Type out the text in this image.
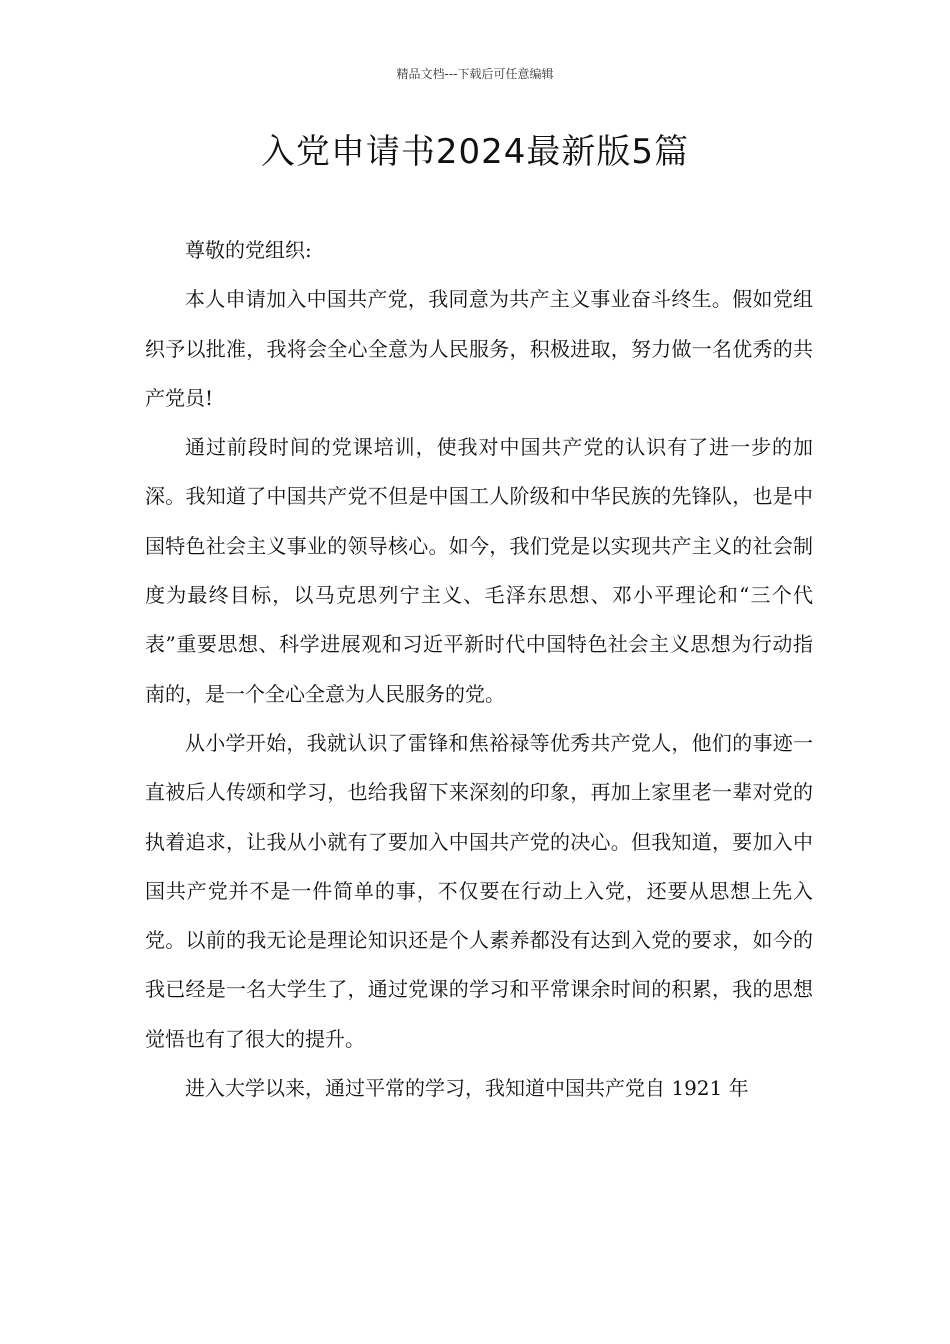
精品文档---下载后可任意编辑
入党申请书2024最新版5篇

尊敬的党组织:

本人申请加入中国共产党，我同意为共产主义事业奋斗终生。假如党组织予以批准，我将会全心全意为人民服务，积极进取，努力做一名优秀的共产党员!

通过前段时间的党课培训，使我对中国共产党的认识有了进一步的加深。我知道了中国共产党不但是中国工人阶级和中华民族的先锋队，也是中国特色社会主义事业的领导核心。如今，我们党是以实现共产主义的社会制度为最终目标，以马克思列宁主义、毛泽东思想、邓小平理论和“三个代表”重要思想、科学进展观和习近平新时代中国特色社会主义思想为行动指南的，是一个全心全意为人民服务的党。

从小学开始，我就认识了雷锋和焦裕禄等优秀共产党人，他们的事迹一直被后人传颂和学习，也给我留下来深刻的印象，再加上家里老一辈对党的执着追求，让我从小就有了要加入中国共产党的决心。但我知道，要加入中国共产党并不是一件简单的事，不仅要在行动上入党，还要从思想上先入党。以前的我无论是理论知识还是个人素养都没有达到入党的要求，如今的我已经是一名大学生了，通过党课的学习和平常课余时间的积累，我的思想觉悟也有了很大的提升。

进入大学以来，通过平常的学习，我知道中国共产党自 1921 年
